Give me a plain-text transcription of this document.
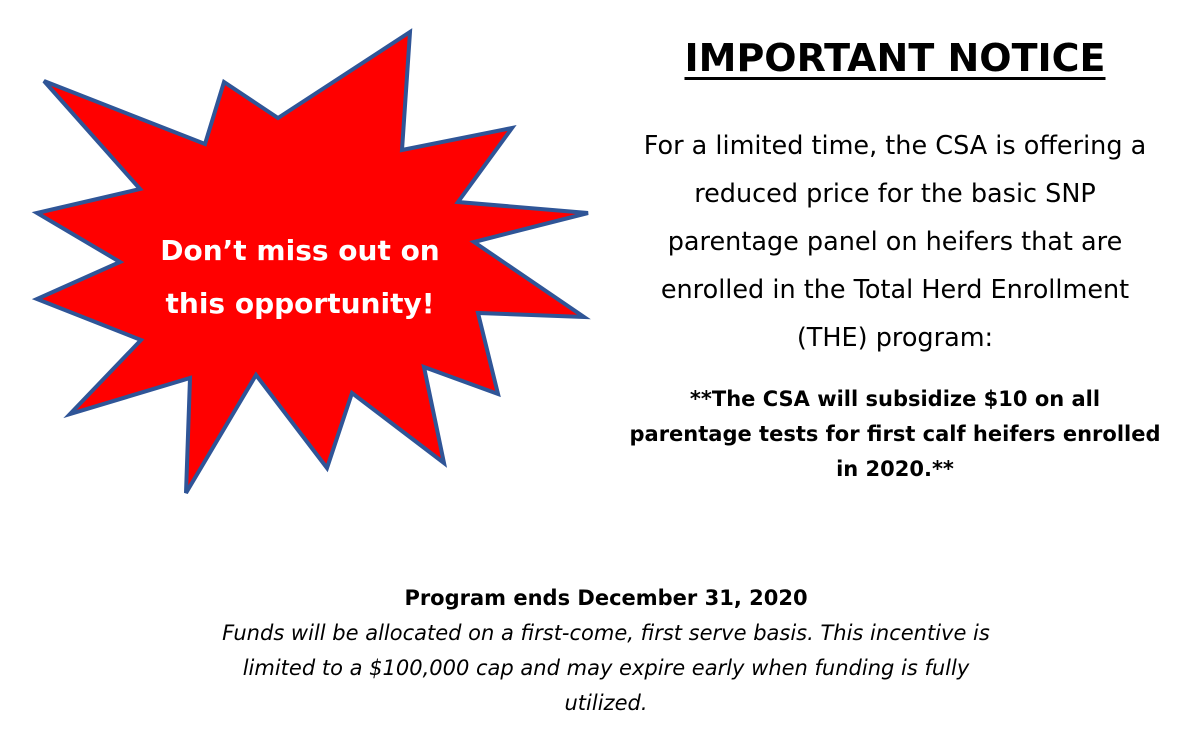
Don’t miss out on
this opportunity!

IMPORTANT NOTICE

For a limited time, the CSA is offering a
reduced price for the basic SNP
parentage panel on heifers that are
enrolled in the Total Herd Enrollment
(THE) program:

**The CSA will subsidize $10 on all
parentage tests for first calf heifers enrolled
in 2020.**

Program ends December 31, 2020

Funds will be allocated on a first-come, first serve basis. This incentive is
limited to a $100,000 cap and may expire early when funding is fully
utilized.
